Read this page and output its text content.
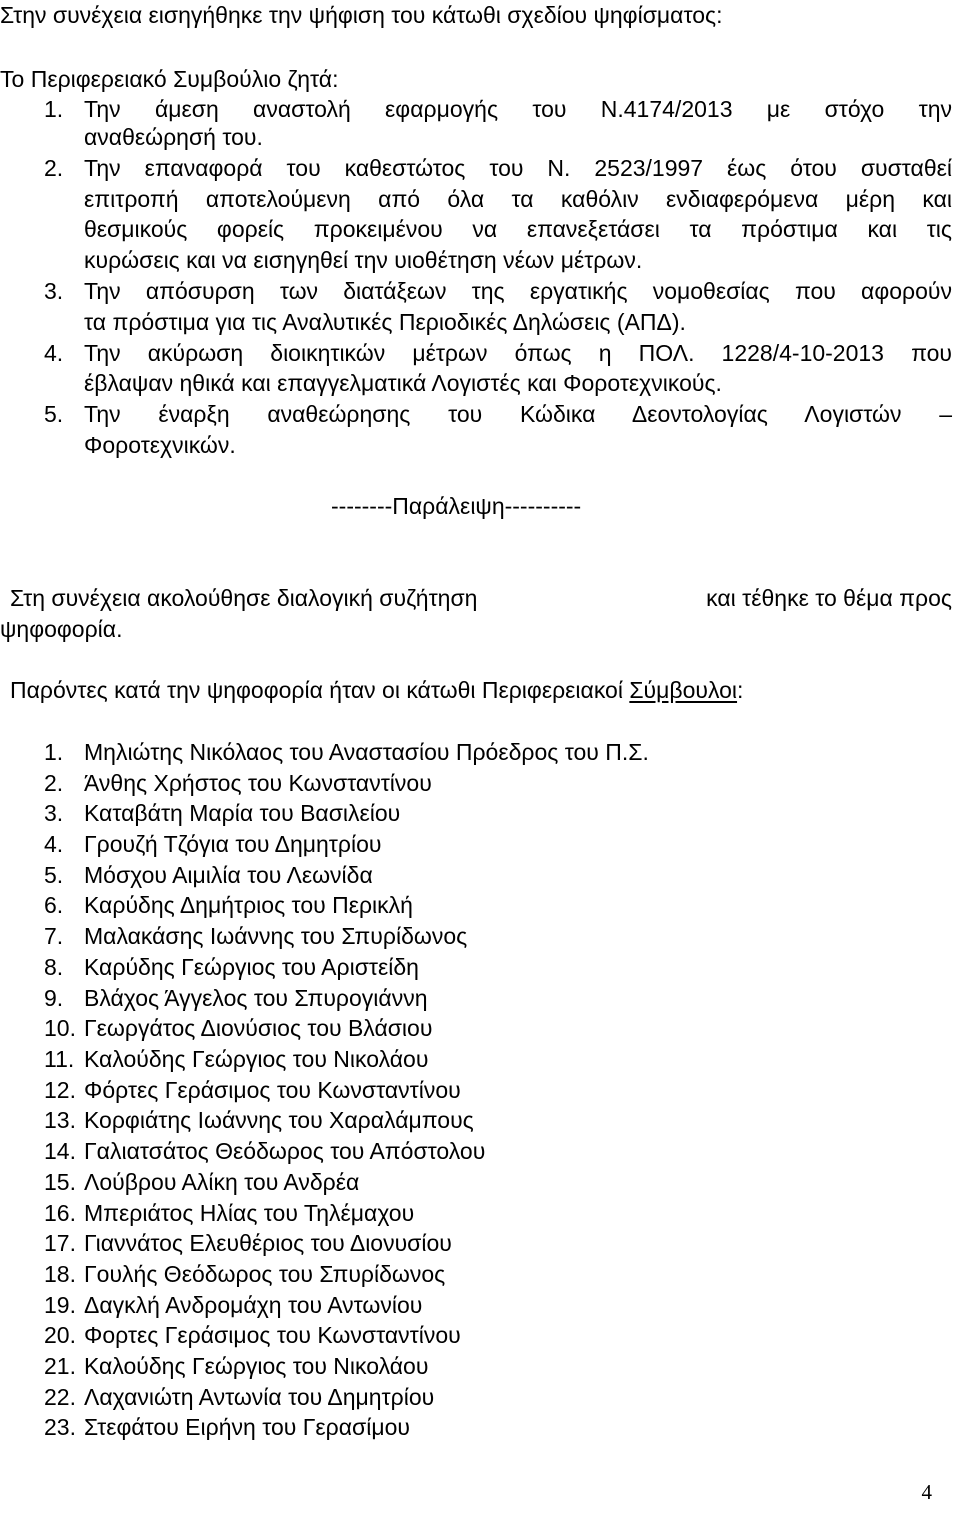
Στην συνέχεια εισηγήθηκε την ψήφιση του κάτωθι σχεδίου ψηφίσματος:
Το Περιφερειακό Συμβούλιο ζητά:
1. Την άμεση αναστολή εφαρμογής του Ν.4174/2013 με στόχο την
αναθεώρησή του.
2. Την επαναφορά του καθεστώτος του Ν. 2523/1997 έως ότου συσταθεί
επιτροπή αποτελούμενη από όλα τα καθόλιν ενδιαφερόμενα μέρη και
θεσμικούς φορείς προκειμένου να επανεξετάσει τα πρόστιμα και τις
κυρώσεις και να εισηγηθεί την υιοθέτηση νέων μέτρων.
3. Την απόσυρση των διατάξεων της εργατικής νομοθεσίας που αφορούν
τα πρόστιμα για τις Αναλυτικές Περιοδικές Δηλώσεις (ΑΠΔ).
4. Την ακύρωση διοικητικών μέτρων όπως η ΠΟΛ. 1228/4-10-2013 που
έβλαψαν ηθικά και επαγγελματικά Λογιστές και Φοροτεχνικούς.
5. Την έναρξη αναθεώρησης του Κώδικα Δεοντολογίας Λογιστών –
Φοροτεχνικών.
--------Παράλειψη----------
Στη συνέχεια ακολούθησε διαλογική συζήτηση	και τέθηκε το θέμα προς
ψηφοφορία.
Παρόντες κατά την ψηφοφορία ήταν οι κάτωθι Περιφερειακοί Σύμβουλοι:
1. Μηλιώτης Νικόλαος του Αναστασίου Πρόεδρος του Π.Σ.
2. Άνθης Χρήστος του Κωνσταντίνου
3. Καταβάτη Μαρία του Βασιλείου
4. Γρουζή Τζόγια του Δημητρίου
5. Μόσχου Αιμιλία του Λεωνίδα
6. Καρύδης Δημήτριος του Περικλή
7. Μαλακάσης Ιωάννης του Σπυρίδωνος
8. Καρύδης Γεώργιος του Αριστείδη
9. Βλάχος Άγγελος του Σπυρογιάννη
10. Γεωργάτος Διονύσιος του Βλάσιου
11. Καλούδης Γεώργιος του Νικολάου
12. Φόρτες Γεράσιμος του Κωνσταντίνου
13. Κορφιάτης Ιωάννης του Χαραλάμπους
14. Γαλιατσάτος Θεόδωρος του Απόστολου
15. Λούβρου Αλίκη του Ανδρέα
16. Μπεριάτος Ηλίας του Τηλέμαχου
17. Γιαννάτος Ελευθέριος του Διονυσίου
18. Γουλής Θεόδωρος του Σπυρίδωνος
19. Δαγκλή Ανδρομάχη του Αντωνίου
20. Φορτες Γεράσιμος του Κωνσταντίνου
21. Καλούδης Γεώργιος του Νικολάου
22. Λαχανιώτη Αντωνία του Δημητρίου
23. Στεφάτου Ειρήνη του Γερασίμου
4
